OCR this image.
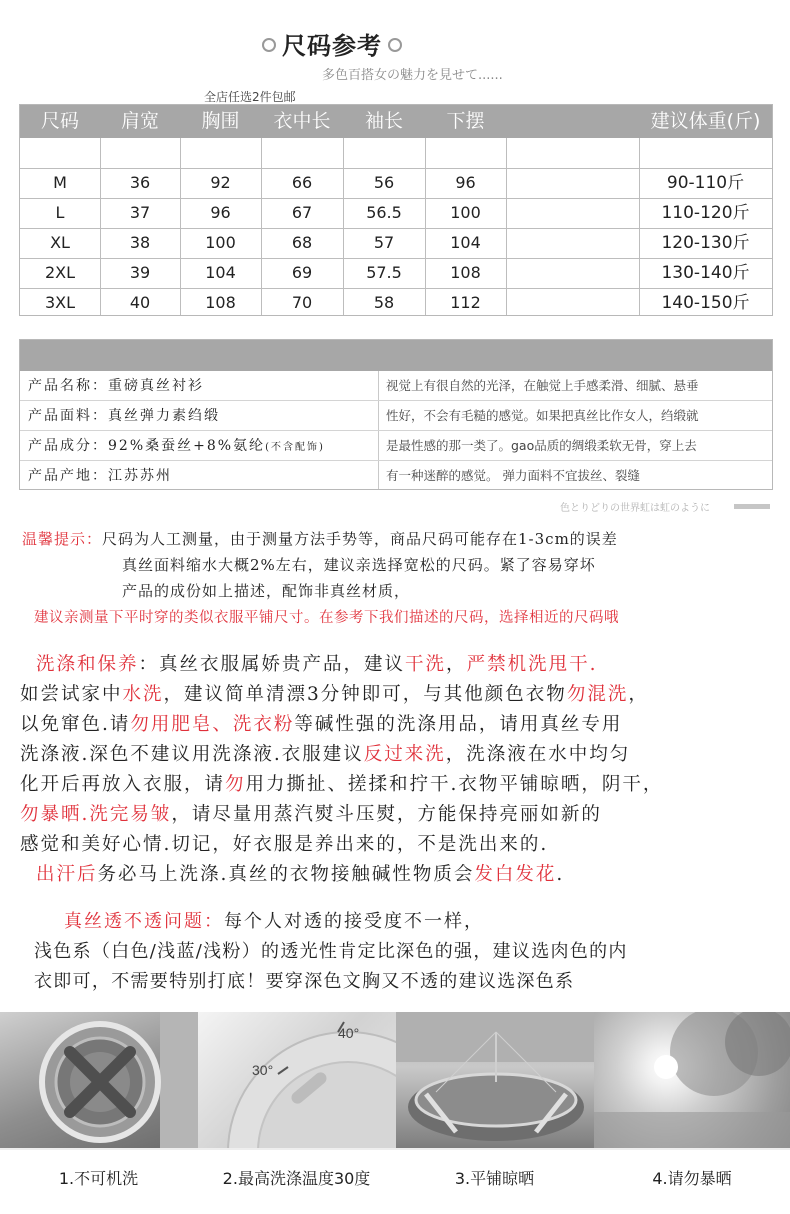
尺码参考
多色百搭女の魅力を見せて......
全店任选2件包邮
尺码	肩宽	胸围	衣中长	袖长	下摆	建议体重(斤)
M	36	92	66	56	96	90-110斤
L	37	96	67	56.5	100	110-120斤
XL	38	100	68	57	104	120-130斤
2XL	39	104	69	57.5	108	130-140斤
3XL	40	108	70	58	112	140-150斤
产品名称：重磅真丝衬衫	视觉上有很自然的光泽，在触觉上手感柔滑、细腻、悬垂
产品面料：真丝弹力素绉缎	性好，不会有毛糙的感觉。如果把真丝比作女人，绉缎就
产品成分：92%桑蚕丝+8%氨纶(不含配饰)	是最性感的那一类了。gao品质的绸缎柔软无骨，穿上去
产品产地：江苏苏州	有一种迷醉的感觉。 弹力面料不宜拔丝、裂缝
色とりどりの世界虹は虹のように
温馨提示：尺码为人工测量，由于测量方法手势等，商品尺码可能存在1-3cm的误差
真丝面料缩水大概2%左右，建议亲选择宽松的尺码。紧了容易穿坏
产品的成份如上描述，配饰非真丝材质，
建议亲测量下平时穿的类似衣服平铺尺寸。在参考下我们描述的尺码，选择相近的尺码哦
洗涤和保养：真丝衣服属娇贵产品，建议干洗，严禁机洗甩干.
如尝试家中水洗，建议简单清漂3分钟即可，与其他颜色衣物勿混洗，
以免窜色.请勿用肥皂、洗衣粉等碱性强的洗涤用品，请用真丝专用
洗涤液.深色不建议用洗涤液.衣服建议反过来洗，洗涤液在水中均匀
化开后再放入衣服，请勿用力撕扯、搓揉和拧干.衣物平铺晾晒，阴干，
勿暴晒.洗完易皱，请尽量用蒸汽熨斗压熨，方能保持亮丽如新的
感觉和美好心情.切记，好衣服是养出来的，不是洗出来的.
出汗后务必马上洗涤.真丝的衣物接触碱性物质会发白发花.
真丝透不透问题：每个人对透的接受度不一样，
浅色系（白色/浅蓝/浅粉）的透光性肯定比深色的强，建议选肉色的内
衣即可，不需要特别打底！要穿深色文胸又不透的建议选深色系
40°
30°
1.不可机洗	2.最高洗涤温度30度	3.平铺晾晒	4.请勿暴晒
